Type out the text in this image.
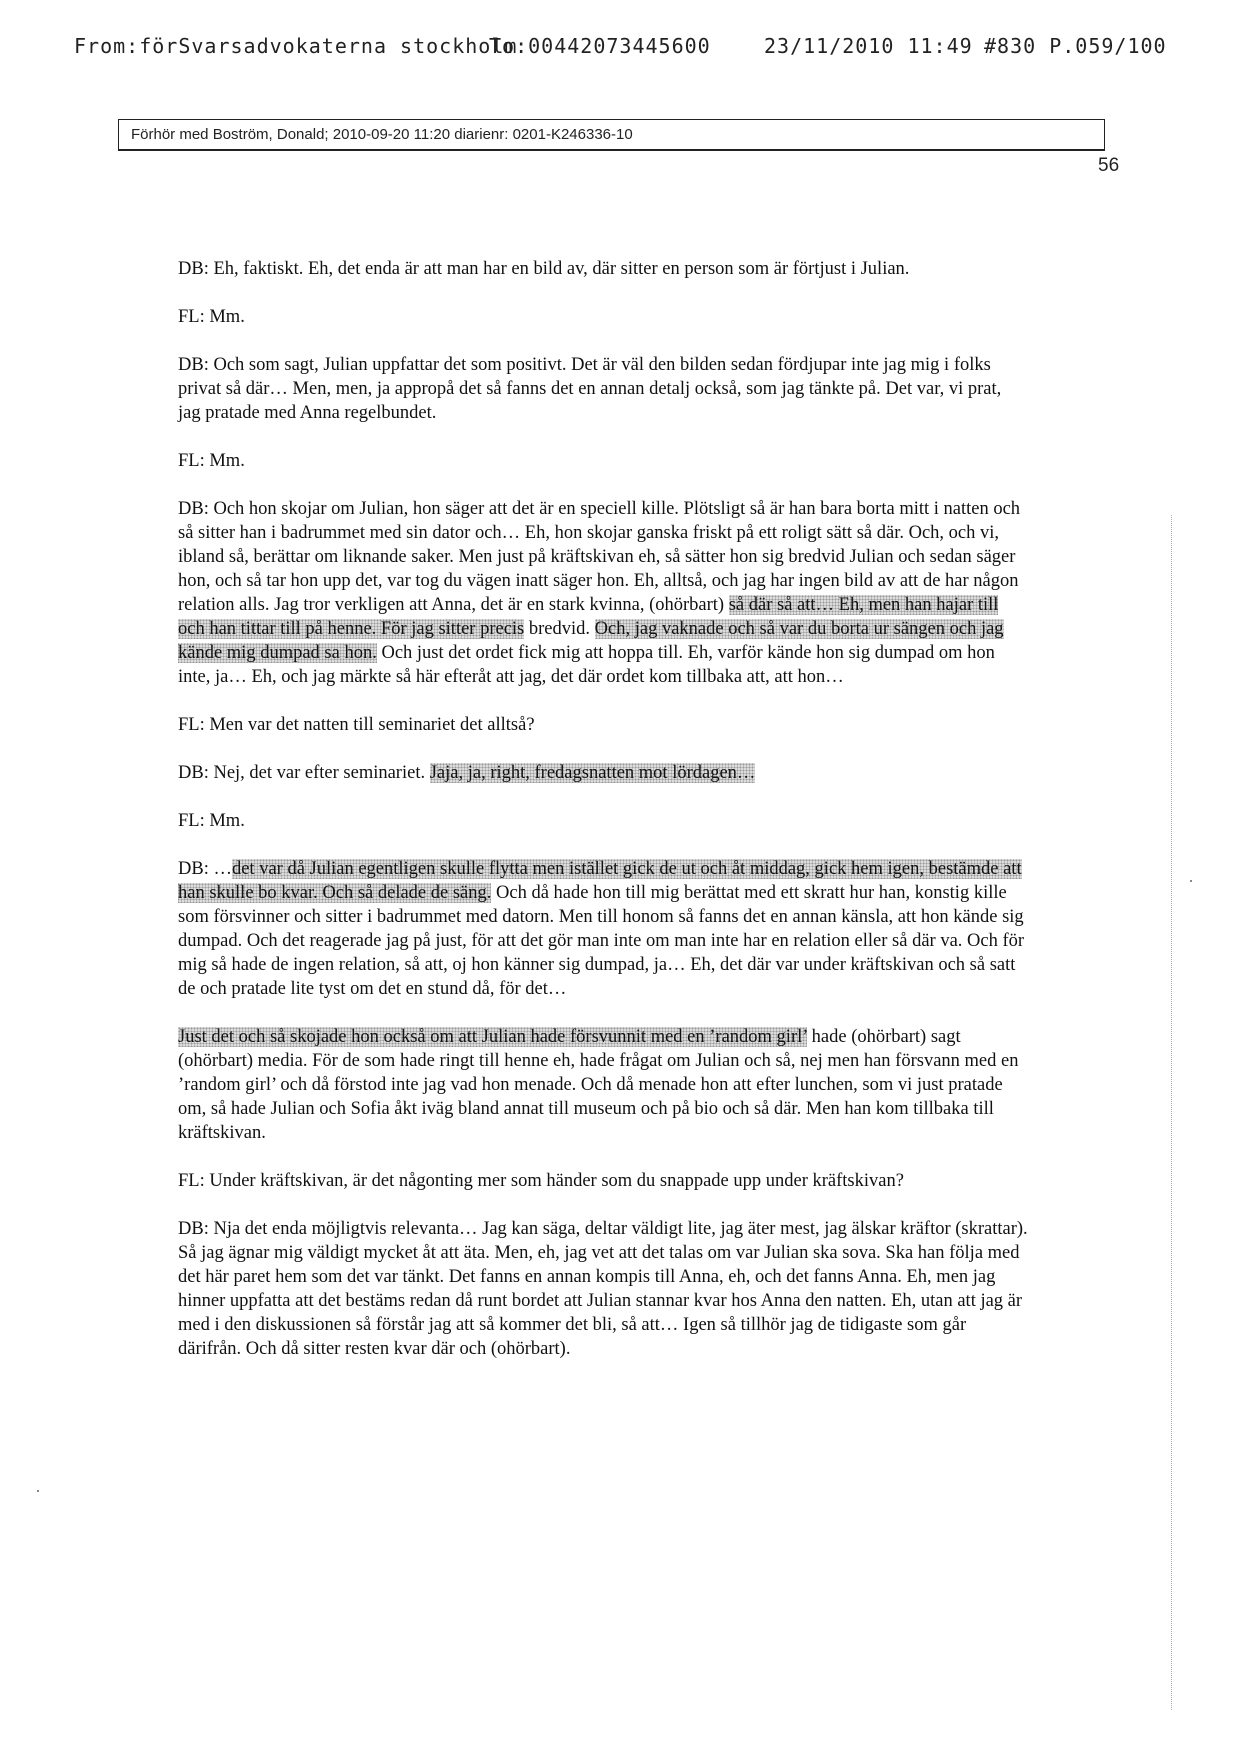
From:förSvarsadvokaterna stockholm
To:00442073445600	23/11/2010 11:49 #830 P.059/100
Förhör med Boström, Donald; 2010-09-20 11:20 diarienr: 0201-K246336-10
56

DB: Eh, faktiskt. Eh, det enda är att man har en bild av, där sitter en person som är förtjust i Julian.

FL: Mm.

DB: Och som sagt, Julian uppfattar det som positivt. Det är väl den bilden sedan fördjupar inte jag mig i folks privat så där… Men, men, ja appropå det så fanns det en annan detalj också, som jag tänkte på. Det var, vi prat, jag pratade med Anna regelbundet.

FL: Mm.

DB: Och hon skojar om Julian, hon säger att det är en speciell kille. Plötsligt så är han bara borta mitt i natten och så sitter han i badrummet med sin dator och… Eh, hon skojar ganska friskt på ett roligt sätt så där. Och, och vi, ibland så, berättar om liknande saker. Men just på kräftskivan eh, så sätter hon sig bredvid Julian och sedan säger hon, och så tar hon upp det, var tog du vägen inatt säger hon. Eh, alltså, och jag har ingen bild av att de har någon relation alls. Jag tror verkligen att Anna, det är en stark kvinna, (ohörbart) så där så att… Eh, men han hajar till och han tittar till på henne. För jag sitter precis bredvid. Och, jag vaknade och så var du borta ur sängen och jag kände mig dumpad sa hon. Och just det ordet fick mig att hoppa till. Eh, varför kände hon sig dumpad om hon inte, ja… Eh, och jag märkte så här efteråt att jag, det där ordet kom tillbaka att, att hon…

FL: Men var det natten till seminariet det alltså?

DB: Nej, det var efter seminariet. Jaja, ja, right, fredagsnatten mot lördagen…

FL: Mm.

DB: …det var då Julian egentligen skulle flytta men istället gick de ut och åt middag, gick hem igen, bestämde att han skulle bo kvar. Och så delade de säng. Och då hade hon till mig berättat med ett skratt hur han, konstig kille som försvinner och sitter i badrummet med datorn. Men till honom så fanns det en annan känsla, att hon kände sig dumpad. Och det reagerade jag på just, för att det gör man inte om man inte har en relation eller så där va. Och för mig så hade de ingen relation, så att, oj hon känner sig dumpad, ja… Eh, det där var under kräftskivan och så satt de och pratade lite tyst om det en stund då, för det…

Just det och så skojade hon också om att Julian hade försvunnit med en ’random girl’ hade (ohörbart) sagt (ohörbart) media. För de som hade ringt till henne eh, hade frågat om Julian och så, nej men han försvann med en ’random girl’ och då förstod inte jag vad hon menade. Och då menade hon att efter lunchen, som vi just pratade om, så hade Julian och Sofia åkt iväg bland annat till museum och på bio och så där. Men han kom tillbaka till kräftskivan.

FL: Under kräftskivan, är det någonting mer som händer som du snappade upp under kräftskivan?

DB: Nja det enda möjligtvis relevanta… Jag kan säga, deltar väldigt lite, jag äter mest, jag älskar kräftor (skrattar). Så jag ägnar mig väldigt mycket åt att äta. Men, eh, jag vet att det talas om var Julian ska sova. Ska han följa med det här paret hem som det var tänkt. Det fanns en annan kompis till Anna, eh, och det fanns Anna. Eh, men jag hinner uppfatta att det bestäms redan då runt bordet att Julian stannar kvar hos Anna den natten. Eh, utan att jag är med i den diskussionen så förstår jag att så kommer det bli, så att… Igen så tillhör jag de tidigaste som går därifrån. Och då sitter resten kvar där och (ohörbart).
